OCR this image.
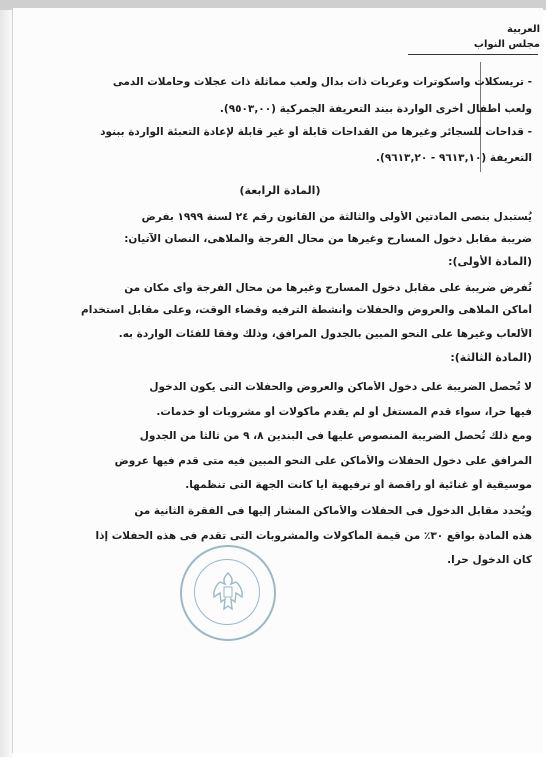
العربية
مجلس النواب
- تريسكلات واسكوترات وعربات ذات بدال ولعب مماثلة ذات عجلات وحاملات الدمى
ولعب أطفال أخرى الواردة ببند التعريفة الجمركية (٩٥٠٣,٠٠).
- قداحات للسجائر وغيرها من القداحات قابلة أو غير قابلة لإعادة التعبئة الواردة ببنود
التعريفة (٩٦١٣,١٠ - ٩٦١٣,٢٠).
(المادة الرابعة)
يُستبدل بنصى المادتين الأولى والثالثة من القانون رقم ٢٤ لسنة ١٩٩٩ بفرض
ضريبة مقابل دخول المسارح وغيرها من محال الفرجة والملاهى، النصان الآتيان:
(المادة الأولى):
تُفرض ضريبة على مقابل دخول المسارح وغيرها من محال الفرجة وأى مكان من
أماكن الملاهى والعروض والحفلات وأنشطة الترفيه وقضاء الوقت، وعلى مقابل استخدام
الألعاب وغيرها على النحو المبين بالجدول المرافق، وذلك وفقاً للفئات الواردة به.
(المادة الثالثة):
لا تُحصل الضريبة على دخول الأماكن والعروض والحفلات التى يكون الدخول
فيها حراً، سواء قدم المستغل أو لم يقدم مأكولات أو مشروبات أو خدمات.
ومع ذلك تُحصل الضريبة المنصوص عليها فى البندين ٨، ٩ من ثالثاً من الجدول
المرافق على دخول الحفلات والأماكن على النحو المبين فيه متى قدم فيها عروض
موسيقية أو غنائية أو راقصة أو ترفيهية أياً كانت الجهة التى تنظمها.
ويُحدد مقابل الدخول فى الحفلات والأماكن المشار إليها فى الفقرة الثانية من
هذه المادة بواقع ٣٠٪ من قيمة المأكولات والمشروبات التى تقدم فى هذه الحفلات إذا
كان الدخول حراً.
